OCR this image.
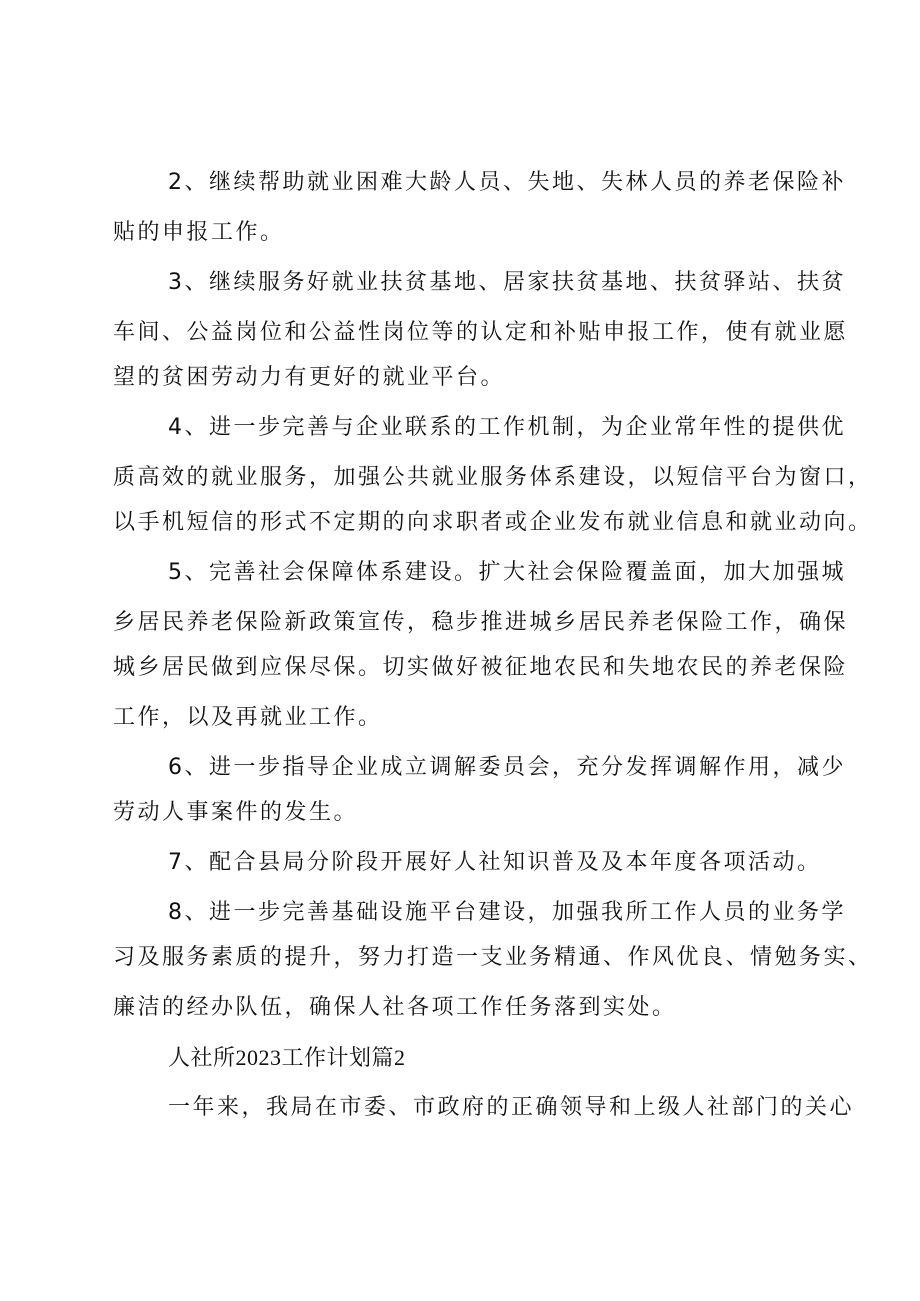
2、继续帮助就业困难大龄人员、失地、失林人员的养老保险补

贴的申报工作。

3、继续服务好就业扶贫基地、居家扶贫基地、扶贫驿站、扶贫

车间、公益岗位和公益性岗位等的认定和补贴申报工作，使有就业愿

望的贫困劳动力有更好的就业平台。

4、进一步完善与企业联系的工作机制，为企业常年性的提供优

质高效的就业服务，加强公共就业服务体系建设，以短信平台为窗口，

以手机短信的形式不定期的向求职者或企业发布就业信息和就业动向。

5、完善社会保障体系建设。扩大社会保险覆盖面，加大加强城

乡居民养老保险新政策宣传，稳步推进城乡居民养老保险工作，确保

城乡居民做到应保尽保。切实做好被征地农民和失地农民的养老保险

工作，以及再就业工作。

6、进一步指导企业成立调解委员会，充分发挥调解作用，减少

劳动人事案件的发生。

7、配合县局分阶段开展好人社知识普及及本年度各项活动。

8、进一步完善基础设施平台建设，加强我所工作人员的业务学

习及服务素质的提升，努力打造一支业务精通、作风优良、情勉务实、

廉洁的经办队伍，确保人社各项工作任务落到实处。

人社所2023工作计划篇2

一年来，我局在市委、市政府的正确领导和上级人社部门的关心
